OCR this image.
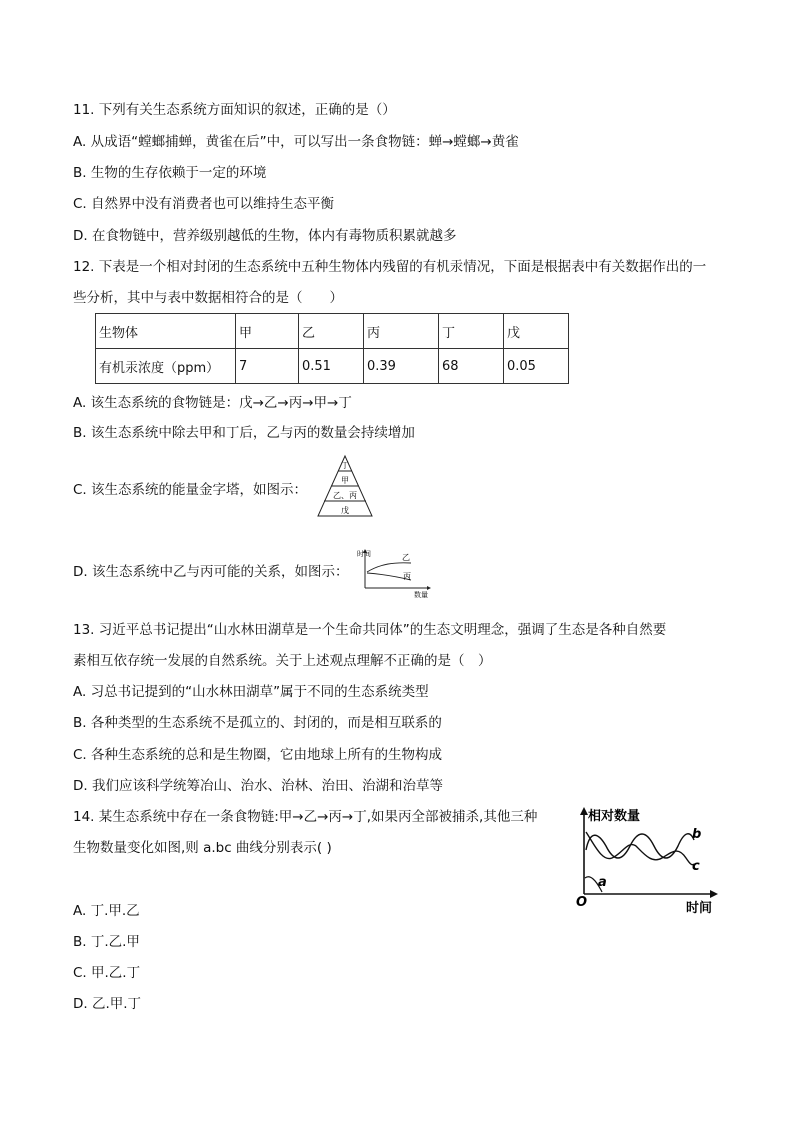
11. 下列有关生态系统方面知识的叙述，正确的是（）
A. 从成语“螳螂捕蝉，黄雀在后”中，可以写出一条食物链：蝉→螳螂→黄雀
B. 生物的生存依赖于一定的环境
C. 自然界中没有消费者也可以维持生态平衡
D. 在食物链中，营养级别越低的生物，体内有毒物质积累就越多
12. 下表是一个相对封闭的生态系统中五种生物体内残留的有机汞情况，下面是根据表中有关数据作出的一
些分析，其中与表中数据相符合的是（　　）
生物体	甲	乙	丙	丁	戊
有机汞浓度（ppm）	7	0.51	0.39	68	0.05
A. 该生态系统的食物链是：戊→乙→丙→甲→丁
B. 该生态系统中除去甲和丁后，乙与丙的数量会持续增加
C. 该生态系统的能量金字塔，如图示：
丁
甲
乙、丙
戊
D. 该生态系统中乙与丙可能的关系，如图示：
时间
数量
乙
丙
13. 习近平总书记提出“山水林田湖草是一个生命共同体”的生态文明理念，强调了生态是各种自然要
素相互依存统一发展的自然系统。关于上述观点理解不正确的是（　）
A. 习总书记提到的“山水林田湖草”属于不同的生态系统类型
B. 各种类型的生态系统不是孤立的、封闭的，而是相互联系的
C. 各种生态系统的总和是生物圈，它由地球上所有的生物构成
D. 我们应该科学统筹冶山、治水、治林、治田、治湖和治草等
14. 某生态系统中存在一条食物链:甲→乙→丙→丁,如果丙全部被捕杀,其他三种
生物数量变化如图,则 a.bc 曲线分别表示( )
A. 丁.甲.乙
B. 丁.乙.甲
C. 甲.乙.丁
D. 乙.甲.丁
相对数量
时间
O
b
c
a
